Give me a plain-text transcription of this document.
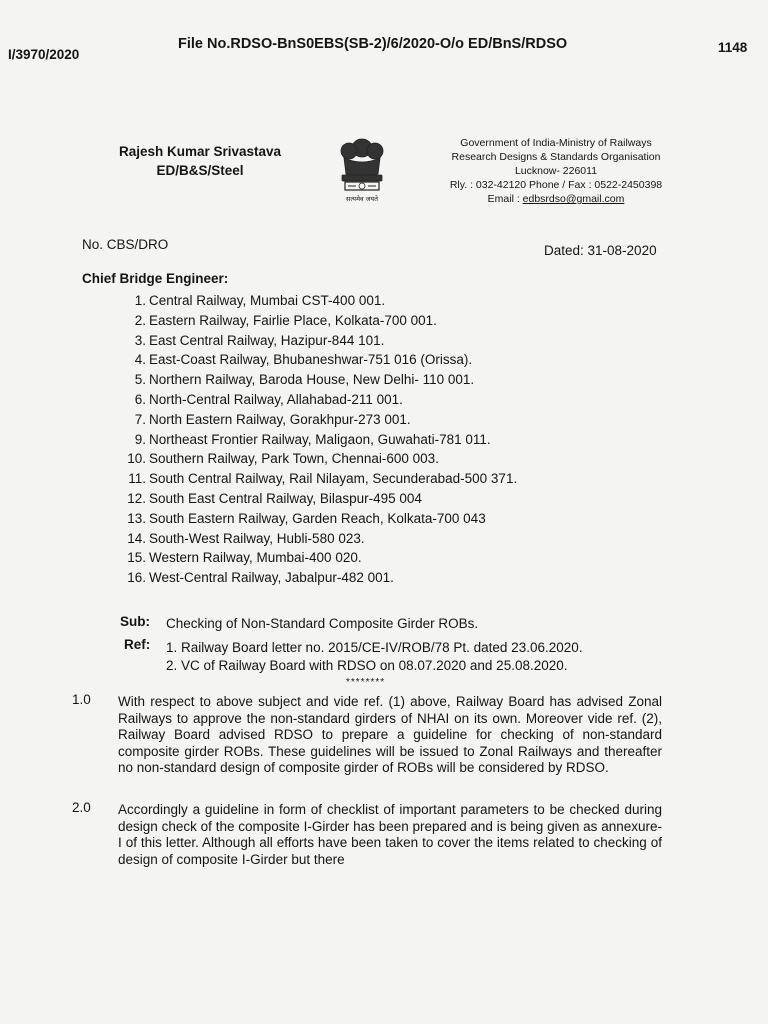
I/3970/2020
File No.RDSO-BnS0EBS(SB-2)/6/2020-O/o ED/BnS/RDSO	1148
Rajesh Kumar Srivastava
ED/B&S/Steel
सत्यमेव जयते
Government of India-Ministry of Railways
Research Designs & Standards Organisation
Lucknow- 226011
Rly. : 032-42120 Phone / Fax : 0522-2450398
Email : edbsrdso@gmail.com
No. CBS/DRO	Dated: 31-08-2020
Chief Bridge Engineer:
1. Central Railway, Mumbai CST-400 001.
2. Eastern Railway, Fairlie Place, Kolkata-700 001.
3. East Central Railway, Hazipur-844 101.
4. East-Coast Railway, Bhubaneshwar-751 016 (Orissa).
5. Northern Railway, Baroda House, New Delhi- 110 001.
6. North-Central Railway, Allahabad-211 001.
7. North Eastern Railway, Gorakhpur-273 001.
9. Northeast Frontier Railway, Maligaon, Guwahati-781 011.
10. Southern Railway, Park Town, Chennai-600 003.
11. South Central Railway, Rail Nilayam, Secunderabad-500 371.
12. South East Central Railway, Bilaspur-495 004
13. South Eastern Railway, Garden Reach, Kolkata-700 043
14. South-West Railway, Hubli-580 023.
15. Western Railway, Mumbai-400 020.
16. West-Central Railway, Jabalpur-482 001.
Sub: Checking of Non-Standard Composite Girder ROBs.
Ref: 1. Railway Board letter no. 2015/CE-IV/ROB/78 Pt. dated 23.06.2020.
2. VC of Railway Board with RDSO on 08.07.2020 and 25.08.2020.
********
1.0 With respect to above subject and vide ref. (1) above, Railway Board has advised Zonal Railways to approve the non-standard girders of NHAI on its own. Moreover vide ref. (2), Railway Board advised RDSO to prepare a guideline for checking of non-standard composite girder ROBs. These guidelines will be issued to Zonal Railways and thereafter no non-standard design of composite girder of ROBs will be considered by RDSO.
2.0 Accordingly a guideline in form of checklist of important parameters to be checked during design check of the composite I-Girder has been prepared and is being given as annexure-I of this letter. Although all efforts have been taken to cover the items related to checking of design of composite I-Girder but there
